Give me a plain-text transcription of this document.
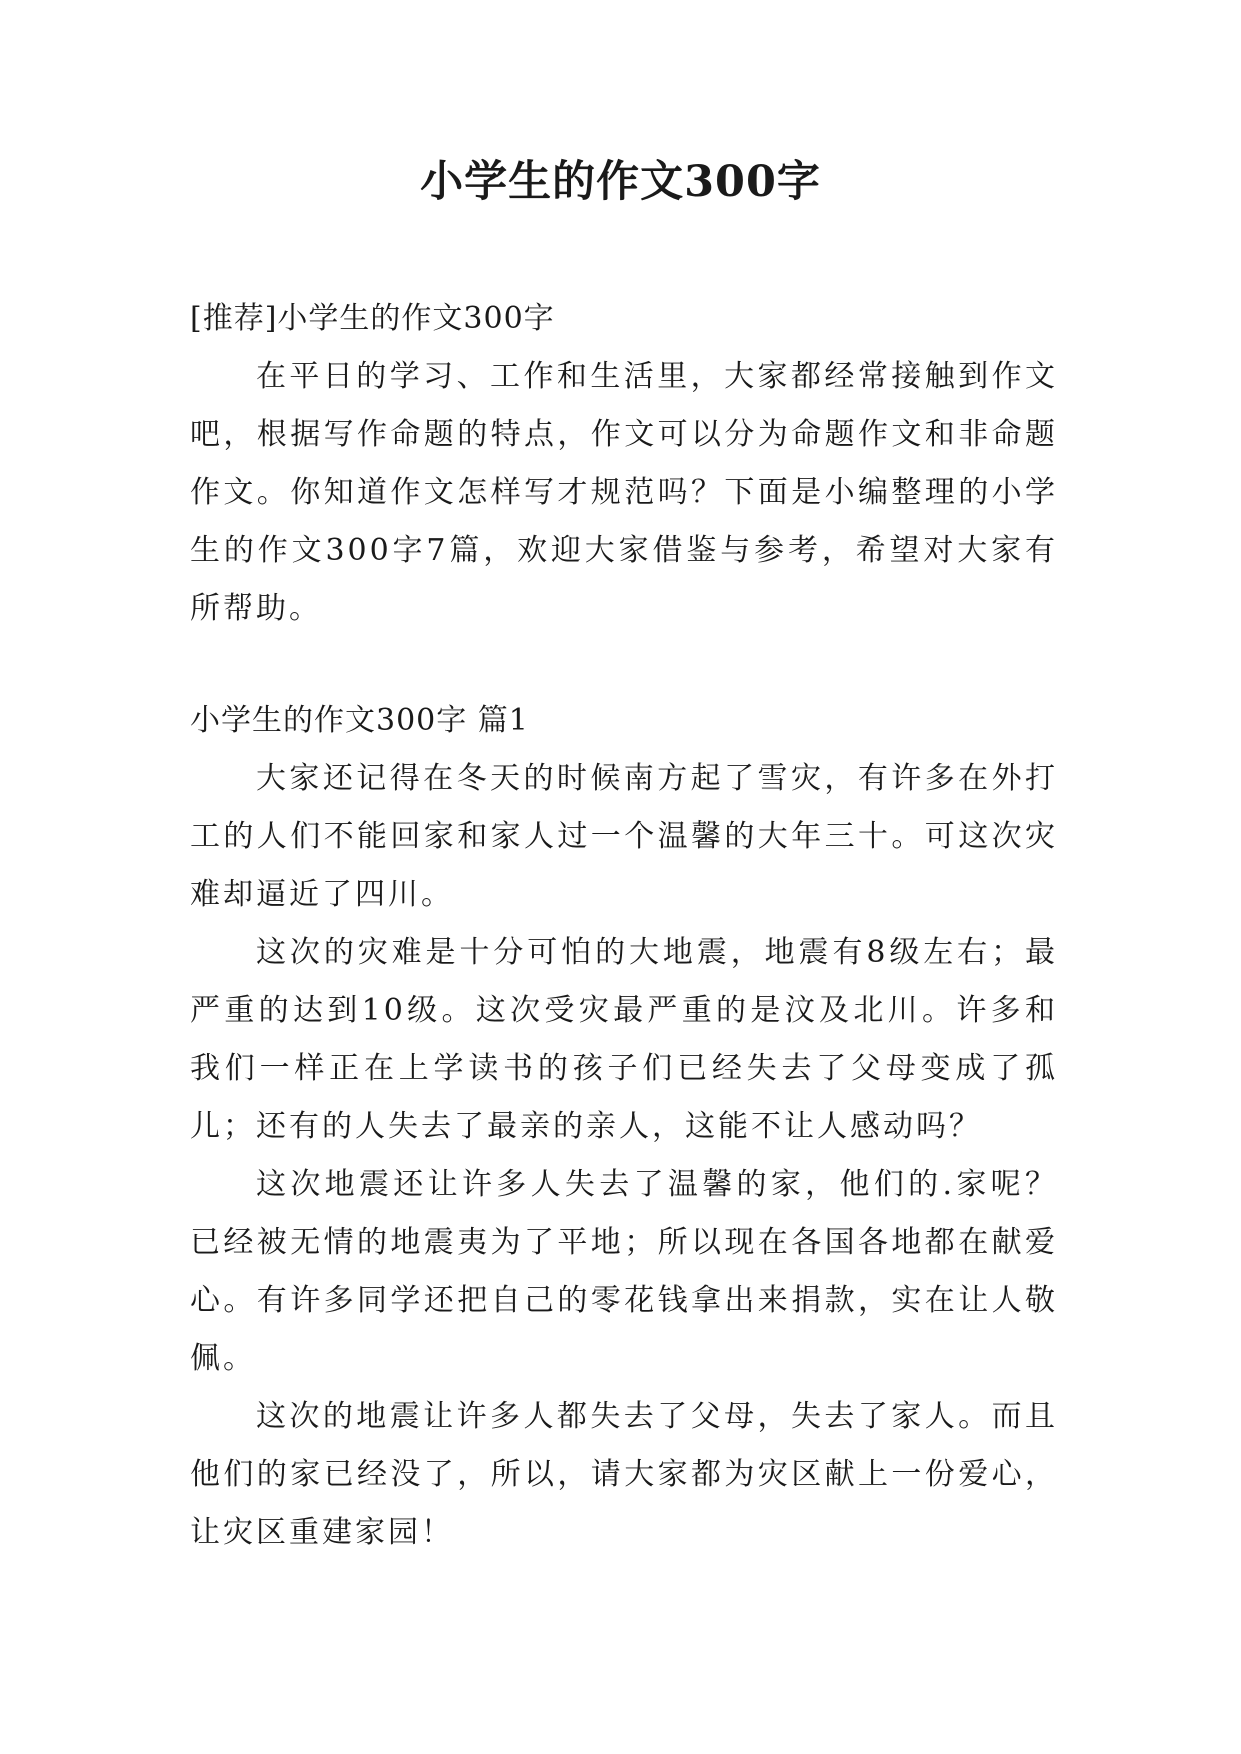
小学生的作文300字

[推荐]小学生的作文300字

在平日的学习、工作和生活里，大家都经常接触到作文吧，根据写作命题的特点，作文可以分为命题作文和非命题作文。你知道作文怎样写才规范吗？下面是小编整理的小学生的作文300字7篇，欢迎大家借鉴与参考，希望对大家有所帮助。

小学生的作文300字 篇1

大家还记得在冬天的时候南方起了雪灾，有许多在外打工的人们不能回家和家人过一个温馨的大年三十。可这次灾难却逼近了四川。

这次的灾难是十分可怕的大地震，地震有8级左右；最严重的达到10级。这次受灾最严重的是汶及北川。许多和我们一样正在上学读书的孩子们已经失去了父母变成了孤儿；还有的人失去了最亲的亲人，这能不让人感动吗？

这次地震还让许多人失去了温馨的家，他们的.家呢？已经被无情的地震夷为了平地；所以现在各国各地都在献爱心。有许多同学还把自己的零花钱拿出来捐款，实在让人敬佩。

这次的地震让许多人都失去了父母，失去了家人。而且他们的家已经没了，所以，请大家都为灾区献上一份爱心，让灾区重建家园！
